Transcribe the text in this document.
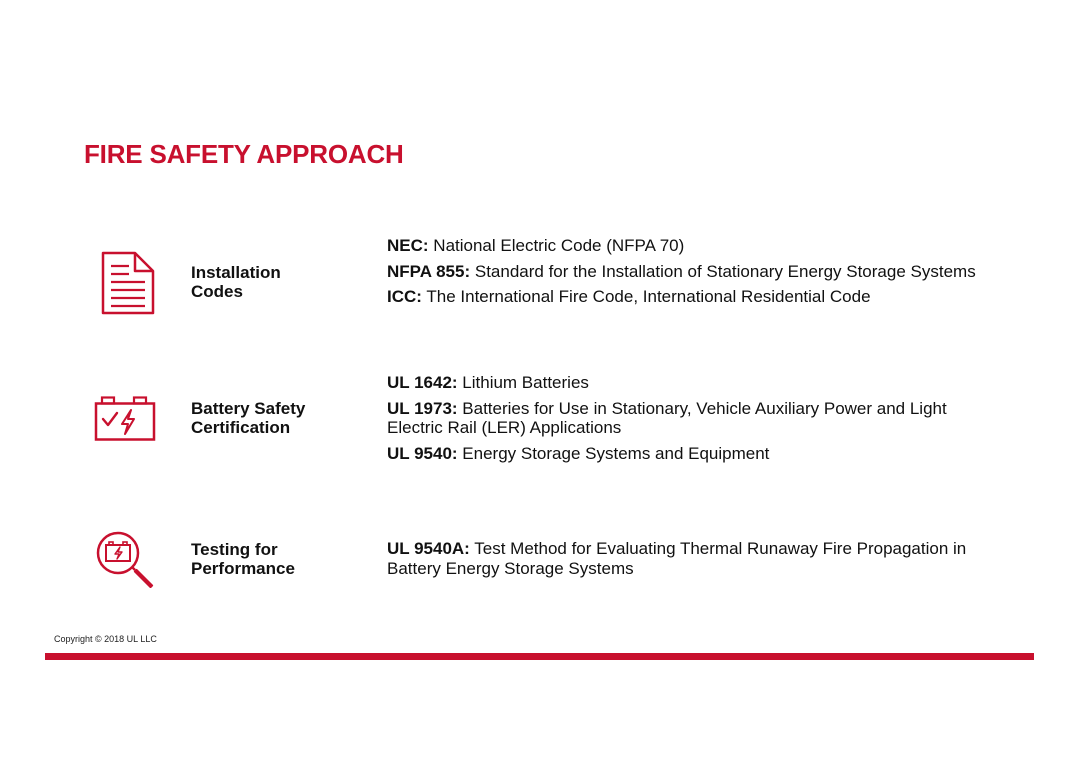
FIRE SAFETY APPROACH
Installation
Codes
NEC: National Electric Code (NFPA 70)
NFPA 855: Standard for the Installation of Stationary Energy Storage Systems
ICC: The International Fire Code, International Residential Code
Battery Safety
Certification
UL 1642: Lithium Batteries
UL 1973: Batteries for Use in Stationary, Vehicle Auxiliary Power and Light Electric Rail (LER) Applications
UL 9540: Energy Storage Systems and Equipment
Testing for
Performance
UL 9540A: Test Method for Evaluating Thermal Runaway Fire Propagation in Battery Energy Storage Systems
Copyright © 2018 UL LLC
